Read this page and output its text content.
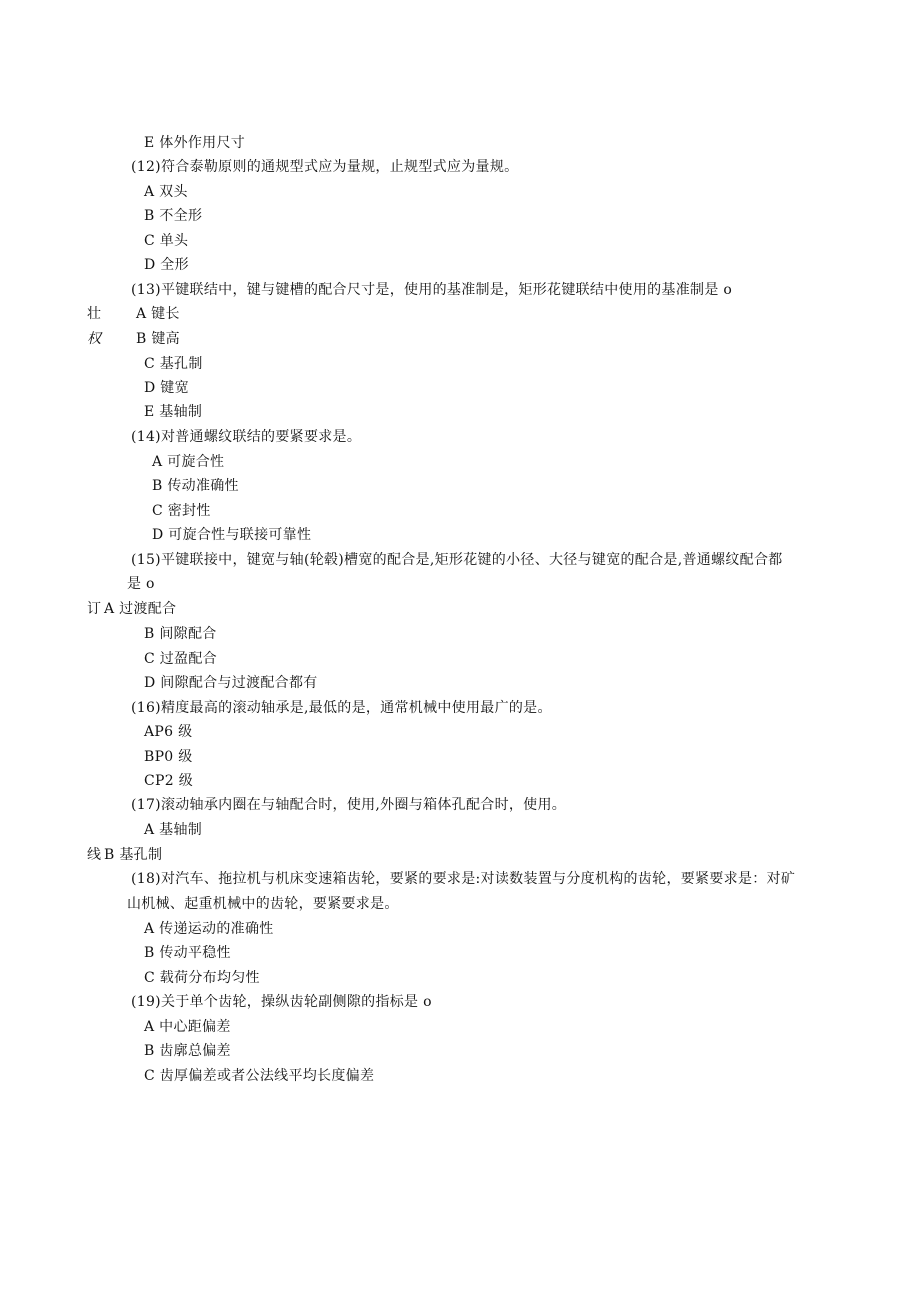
E 体外作用尺寸
(12)符合泰勒原则的通规型式应为量规，止规型式应为量规。
A 双头
B 不全形
C 单头
D 全形
(13)平键联结中，键与键槽的配合尺寸是，使用的基准制是，矩形花键联结中使用的基准制是 o
壮	A 键长
权	B 键高
C 基孔制
D 键宽
E 基轴制
(14)对普通螺纹联结的要紧要求是。
A 可旋合性
B 传动准确性
C 密封性
D 可旋合性与联接可靠性
(15)平键联接中，键宽与轴(轮毂)槽宽的配合是,矩形花键的小径、大径与键宽的配合是,普通螺纹配合都
是 o
订 A 过渡配合
B 间隙配合
C 过盈配合
D 间隙配合与过渡配合都有
(16)精度最高的滚动轴承是,最低的是，通常机械中使用最广的是。
AP6 级
BP0 级
CP2 级
(17)滚动轴承内圈在与轴配合时，使用,外圈与箱体孔配合时，使用。
A 基轴制
线 B 基孔制
(18)对汽车、拖拉机与机床变速箱齿轮，要紧的要求是:对读数装置与分度机构的齿轮，要紧要求是：对矿
山机械、起重机械中的齿轮，要紧要求是。
A 传递运动的准确性
B 传动平稳性
C 载荷分布均匀性
(19)关于单个齿轮，操纵齿轮副侧隙的指标是 o
A 中心距偏差
B 齿廓总偏差
C 齿厚偏差或者公法线平均长度偏差
